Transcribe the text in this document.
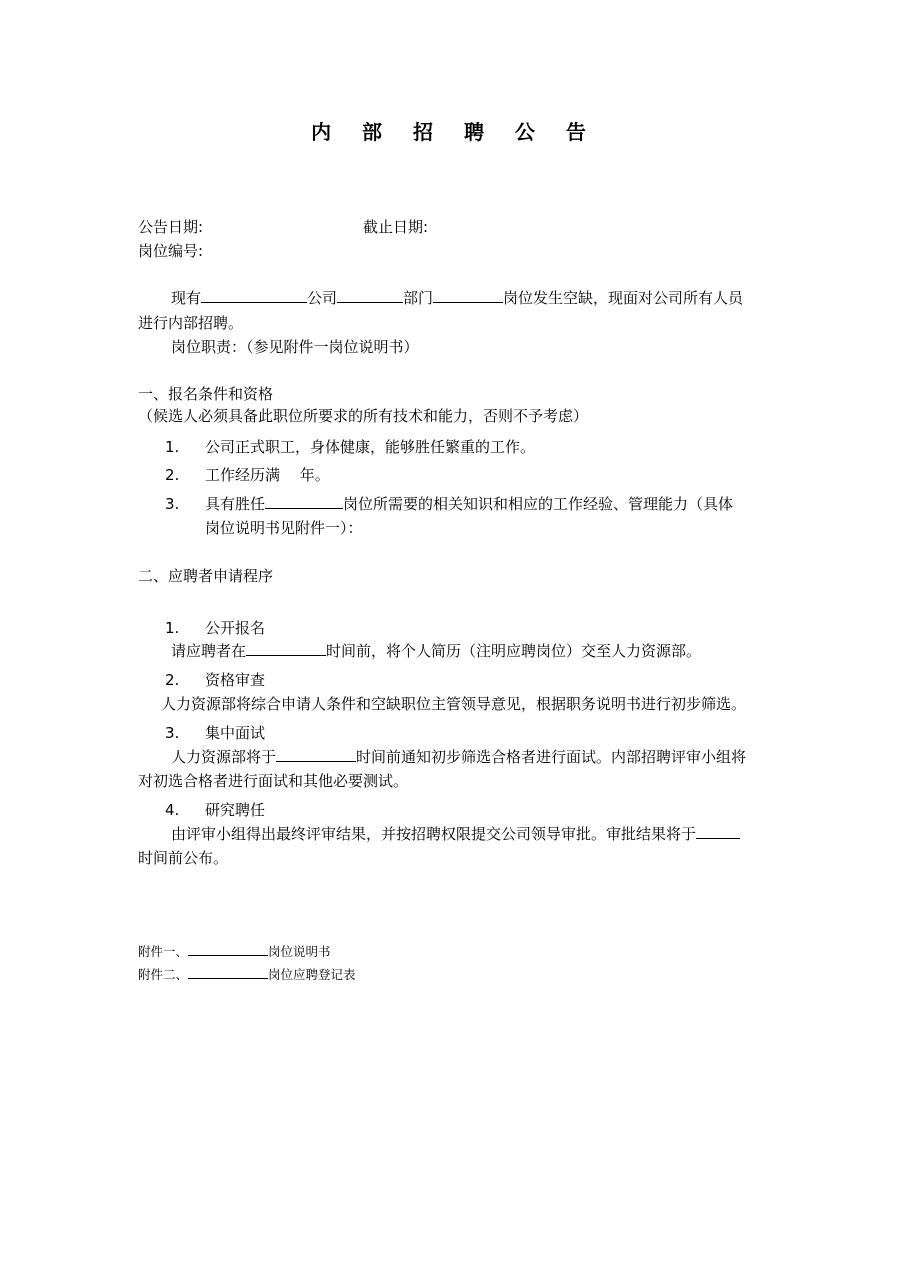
内 部 招 聘 公 告
公告日期:	截止日期:
岗位编号:
现有	公司	部门	岗位发生空缺，现面对公司所有人员
进行内部招聘。
岗位职责：（参见附件一岗位说明书）
一、报名条件和资格
（候选人必须具备此职位所要求的所有技术和能力，否则不予考虑）
1. 公司正式职工，身体健康，能够胜任繁重的工作。
2. 工作经历满　 年。
3. 具有胜任	岗位所需要的相关知识和相应的工作经验、管理能力（具体
岗位说明书见附件一）：
二、应聘者申请程序
1. 公开报名
请应聘者在	时间前，将个人简历（注明应聘岗位）交至人力资源部。
2. 资格审查
人力资源部将综合申请人条件和空缺职位主管领导意见，根据职务说明书进行初步筛选。
3. 集中面试
人力资源部将于	时间前通知初步筛选合格者进行面试。内部招聘评审小组将
对初选合格者进行面试和其他必要测试。
4. 研究聘任
由评审小组得出最终评审结果，并按招聘权限提交公司领导审批。审批结果将于
时间前公布。
附件一、	岗位说明书
附件二、	岗位应聘登记表
